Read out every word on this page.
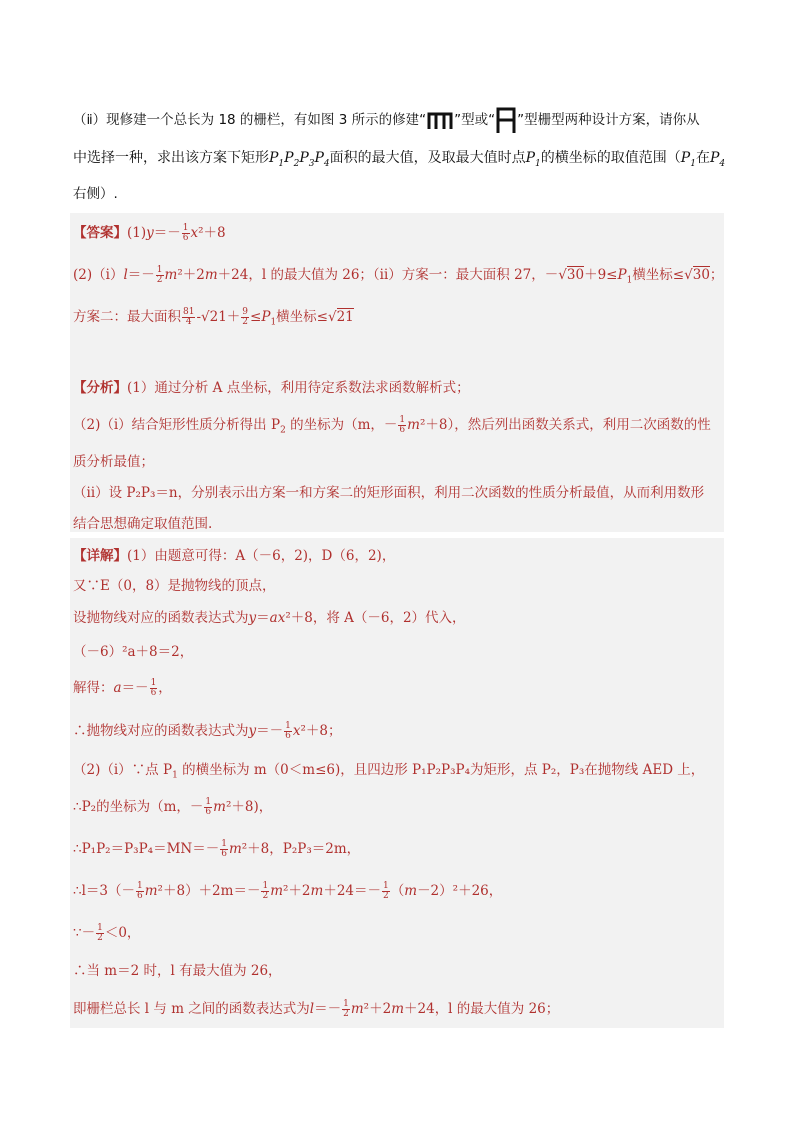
（ⅱ）现修建一个总长为 18 的栅栏，有如图 3 所示的修建“ ”型或“ ”型栅型两种设计方案，请你从
中选择一种，求出该方案下矩形$P_1P_2P_3P_4$面积的最大值，及取最大值时点$P_1$的横坐标的取值范围（$P_1$在$P_4$
右侧）.
【答案】$(1)y=- \frac{1}{6} x^2+8$
(2)（ⅰ）l＝－ $\frac{1}{2} m^2+2m+24$，l 的最大值为 26；（ⅱ）方案一：最大面积 27，$-√30+9\le P_1$横坐标≤√30；
方案二：最大面积 $\frac{81}{4} -√21+ \frac{9}{2} \le P_1$横坐标≤√21
【分析】(1）通过分析 A 点坐标，利用待定系数法求函数解析式；
（2)（ⅰ）结合矩形性质分析得出 $P_2$ 的坐标为（m，－ $\frac{1}{6} m^2+8$），然后列出函数关系式，利用二次函数的性
质分析最值；
（ⅱ）设 P₂P₃＝n，分别表示出方案一和方案二的矩形面积，利用二次函数的性质分析最值，从而利用数形
结合思想确定取值范围.
【详解】(1）由题意可得：A（－6，2)，D（6，2)，
又∵E（0，8）是抛物线的顶点，
设抛物线对应的函数表达式为y＝ax²＋8，将 A（－6，2）代入，
（－6）²a＋8＝2，
解得：$a=- \frac{1}{6}$ ，
∴抛物线对应的函数表达式为$y=- \frac{1}{6} x^2+8$；
（2)（ⅰ）∵点 $P_1$ 的横坐标为 m（0＜m≤6)，且四边形 P₁P₂P₃P₄为矩形，点 P₂，P₃在抛物线 AED 上，
∴P₂的坐标为（m，－ $\frac{1}{6} m^2+8$)，
∴P₁P₂＝P₃P₄＝MN＝－ $\frac{1}{6} m^2+8$，P₂P₃＝2m，
∴l＝3（－ $\frac{1}{6} m^2+8)+2m=- \frac{1}{2} m^2+2m+24=- \frac{1}{2} (m-2)^2+26$，
∵－ $\frac{1}{2} <0$，
∴当 m＝2 时，l 有最大值为 26，
即栅栏总长 l 与 m 之间的函数表达式为$l=- \frac{1}{2} m^2+2m+24$，l 的最大值为 26；
